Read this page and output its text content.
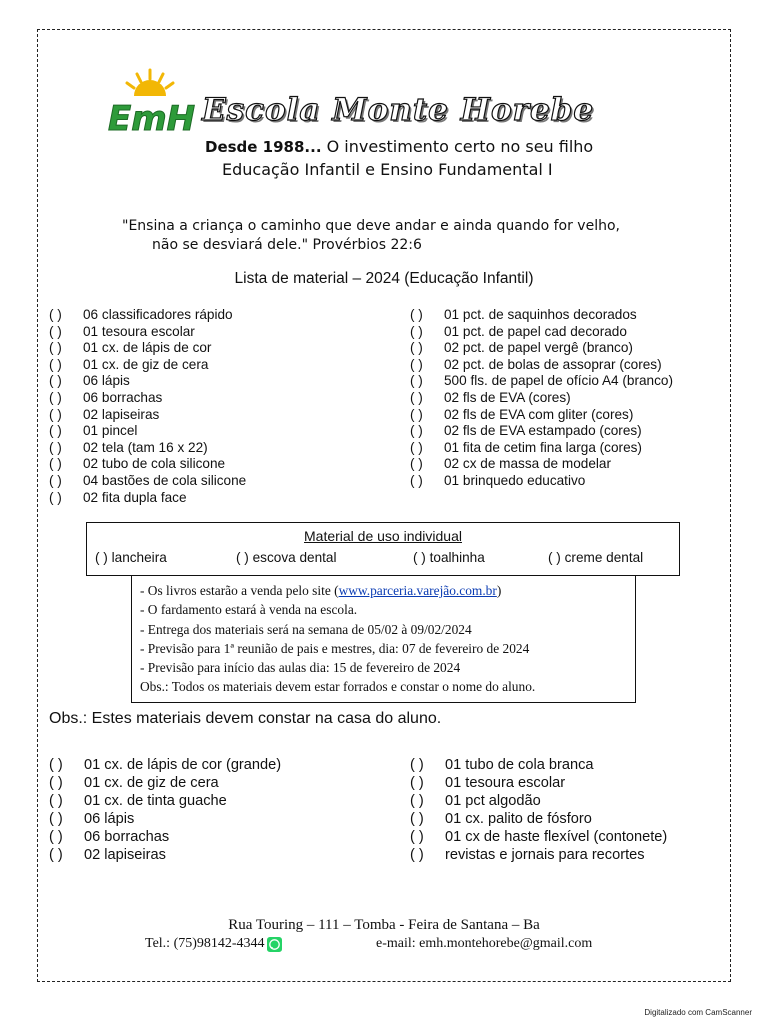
EmH Escola Monte Horebe
Desde 1988... O investimento certo no seu filho
Educação Infantil e Ensino Fundamental I
"Ensina a criança o caminho que deve andar e ainda quando for velho,
não se desviará dele." Provérbios 22:6
Lista de material – 2024 (Educação Infantil)
( )	06 classificadores rápido
( )	01 tesoura escolar
( )	01 cx. de lápis de cor
( )	01 cx. de giz de cera
( )	06 lápis
( )	06 borrachas
( )	02 lapiseiras
( )	01 pincel
( )	02 tela (tam 16 x 22)
( )	02 tubo de cola silicone
( )	04 bastões de cola silicone
( )	02 fita dupla face
( )	01 pct. de saquinhos decorados
( )	01 pct. de papel cad decorado
( )	02 pct. de papel vergê (branco)
( )	02 pct. de bolas de assoprar (cores)
( )	500 fls. de papel de ofício A4 (branco)
( )	02 fls de EVA (cores)
( )	02 fls de EVA com gliter (cores)
( )	02 fls de EVA estampado (cores)
( )	01 fita de cetim fina larga (cores)
( )	02 cx de massa de modelar
( )	01 brinquedo educativo
Material de uso individual
( ) lancheira	( ) escova dental	( ) toalhinha	( ) creme dental
- Os livros estarão a venda pelo site (www.parceria.varejão.com.br)
- O fardamento estará à venda na escola.
- Entrega dos materiais será na semana de 05/02 à 09/02/2024
- Previsão para 1ª reunião de pais e mestres, dia: 07 de fevereiro de 2024
- Previsão para início das aulas dia: 15 de fevereiro de 2024
Obs.: Todos os materiais devem estar forrados e constar o nome do aluno.
Obs.: Estes materiais devem constar na casa do aluno.
( )	01 cx. de lápis de cor (grande)
( )	01 cx. de giz de cera
( )	01 cx. de tinta guache
( )	06 lápis
( )	06 borrachas
( )	02 lapiseiras
( )	01 tubo de cola branca
( )	01 tesoura escolar
( )	01 pct algodão
( )	01 cx. palito de fósforo
( )	01 cx de haste flexível (contonete)
( )	revistas e jornais para recortes
Rua Touring – 111 – Tomba - Feira de Santana – Ba
Tel.: (75)98142-4344	e-mail: emh.montehorebe@gmail.com
Digitalizado com CamScanner
